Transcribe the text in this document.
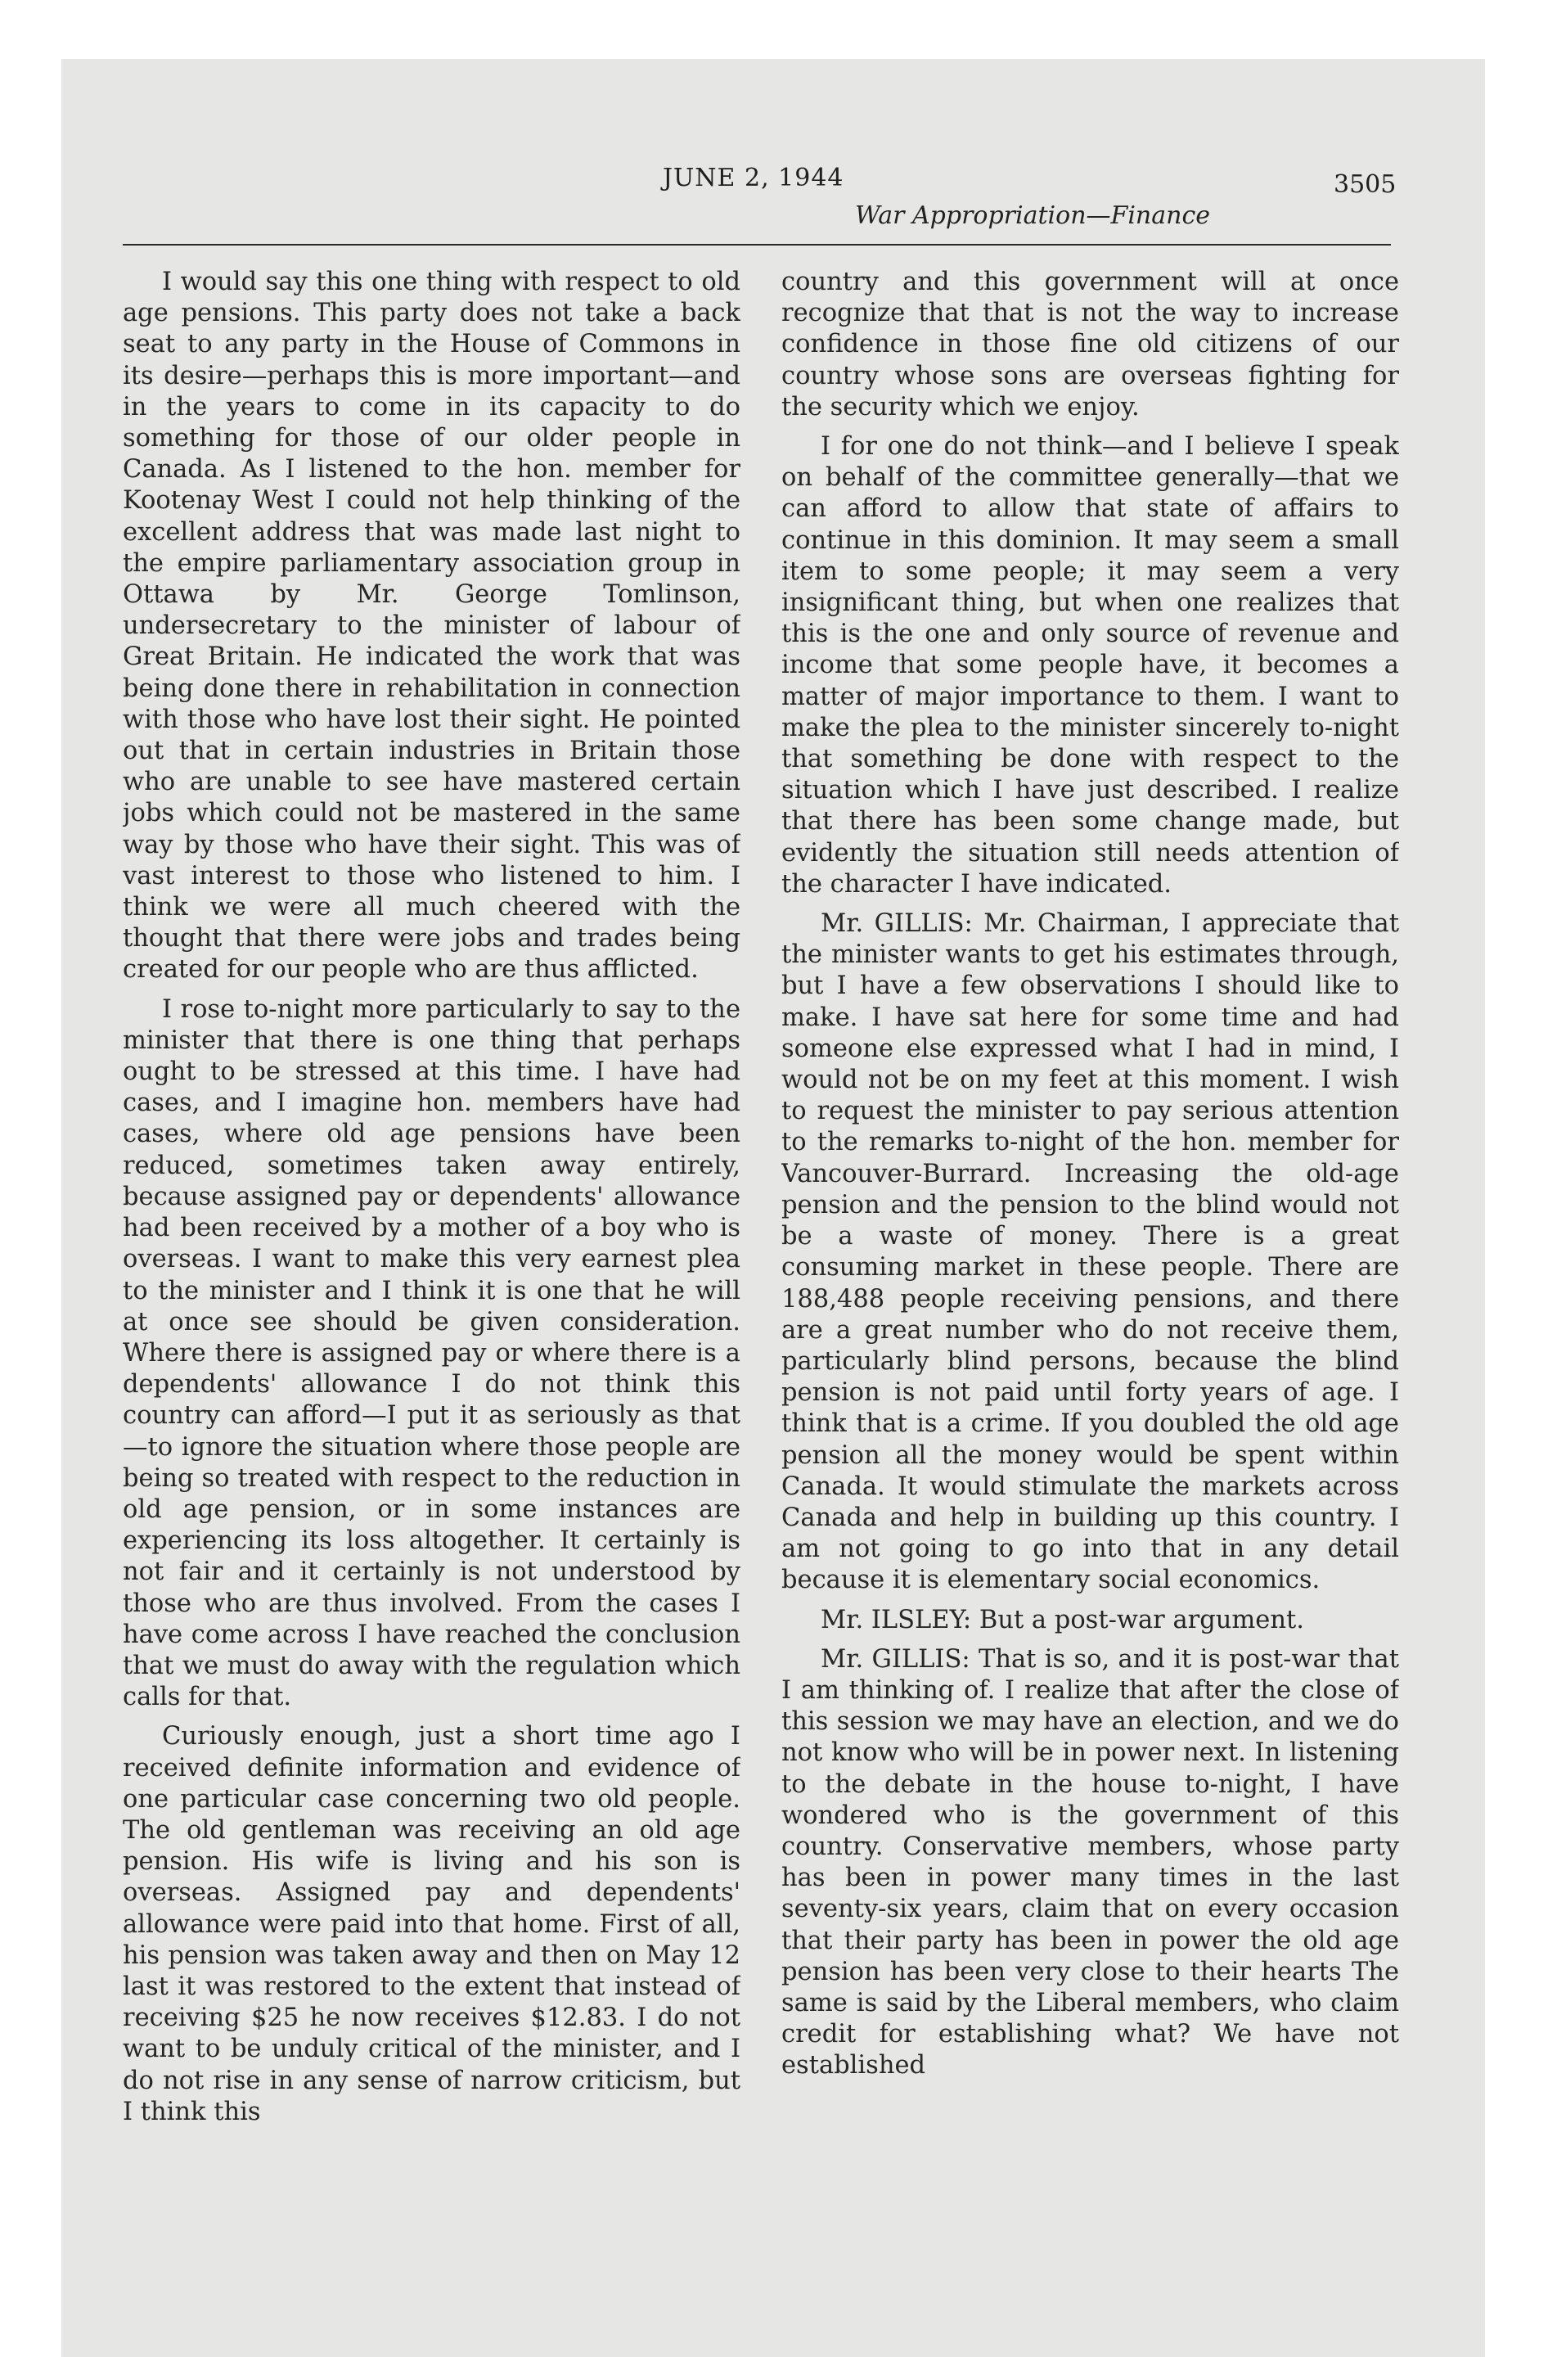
JUNE 2, 1944
War Appropriation—Finance
3505

I would say this one thing with respect to old age pensions. This party does not take a back seat to any party in the House of Commons in its desire—perhaps this is more important—and in the years to come in its capacity to do something for those of our older people in Canada. As I listened to the hon. member for Kootenay West I could not help thinking of the excellent address that was made last night to the empire parliamentary association group in Ottawa by Mr. George Tomlinson, undersecretary to the minister of labour of Great Britain. He indicated the work that was being done there in rehabilitation in connection with those who have lost their sight. He pointed out that in certain industries in Britain those who are unable to see have mastered certain jobs which could not be mastered in the same way by those who have their sight. This was of vast interest to those who listened to him. I think we were all much cheered with the thought that there were jobs and trades being created for our people who are thus afflicted.

I rose to-night more particularly to say to the minister that there is one thing that perhaps ought to be stressed at this time. I have had cases, and I imagine hon. members have had cases, where old age pensions have been reduced, sometimes taken away entirely, because assigned pay or dependents' allowance had been received by a mother of a boy who is overseas. I want to make this very earnest plea to the minister and I think it is one that he will at once see should be given consideration. Where there is assigned pay or where there is a dependents' allowance I do not think this country can afford—I put it as seriously as that—to ignore the situation where those people are being so treated with respect to the reduction in old age pension, or in some instances are experiencing its loss altogether. It certainly is not fair and it certainly is not understood by those who are thus involved. From the cases I have come across I have reached the conclusion that we must do away with the regulation which calls for that.

Curiously enough, just a short time ago I received definite information and evidence of one particular case concerning two old people. The old gentleman was receiving an old age pension. His wife is living and his son is overseas. Assigned pay and dependents' allowance were paid into that home. First of all, his pension was taken away and then on May 12 last it was restored to the extent that instead of receiving $25 he now receives $12.83. I do not want to be unduly critical of the minister, and I do not rise in any sense of narrow criticism, but I think this

country and this government will at once recognize that that is not the way to increase confidence in those fine old citizens of our country whose sons are overseas fighting for the security which we enjoy.

I for one do not think—and I believe I speak on behalf of the committee generally—that we can afford to allow that state of affairs to continue in this dominion. It may seem a small item to some people; it may seem a very insignificant thing, but when one realizes that this is the one and only source of revenue and income that some people have, it becomes a matter of major importance to them. I want to make the plea to the minister sincerely to-night that something be done with respect to the situation which I have just described. I realize that there has been some change made, but evidently the situation still needs attention of the character I have indicated.

Mr. GILLIS: Mr. Chairman, I appreciate that the minister wants to get his estimates through, but I have a few observations I should like to make. I have sat here for some time and had someone else expressed what I had in mind, I would not be on my feet at this moment. I wish to request the minister to pay serious attention to the remarks to-night of the hon. member for Vancouver-Burrard. Increasing the old-age pension and the pension to the blind would not be a waste of money. There is a great consuming market in these people. There are 188,488 people receiving pensions, and there are a great number who do not receive them, particularly blind persons, because the blind pension is not paid until forty years of age. I think that is a crime. If you doubled the old age pension all the money would be spent within Canada. It would stimulate the markets across Canada and help in building up this country. I am not going to go into that in any detail because it is elementary social economics.

Mr. ILSLEY: But a post-war argument.

Mr. GILLIS: That is so, and it is post-war that I am thinking of. I realize that after the close of this session we may have an election, and we do not know who will be in power next. In listening to the debate in the house to-night, I have wondered who is the government of this country. Conservative members, whose party has been in power many times in the last seventy-six years, claim that on every occasion that their party has been in power the old age pension has been very close to their hearts The same is said by the Liberal members, who claim credit for establishing what? We have not established
